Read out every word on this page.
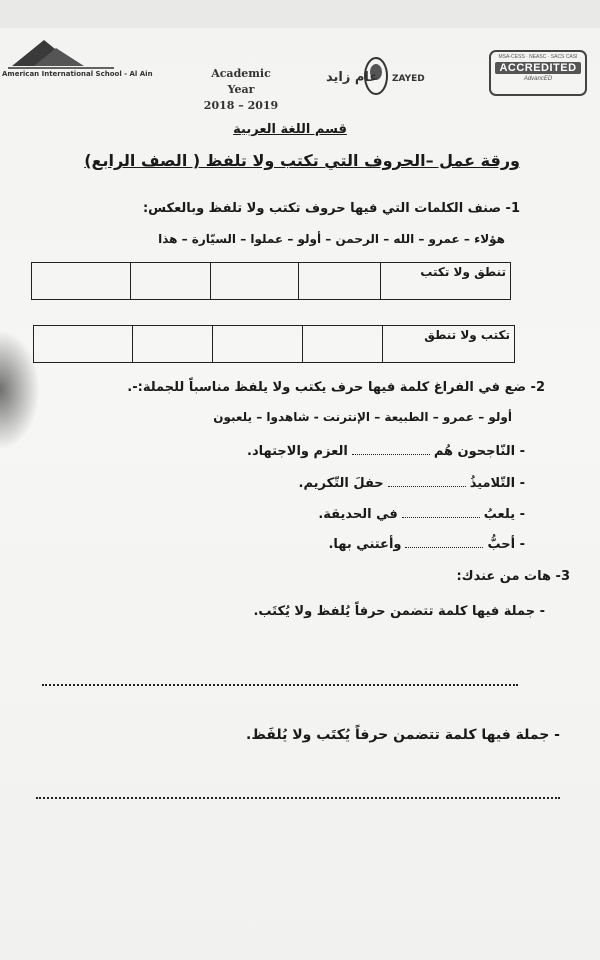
American International School - Al Ain	Academic Year
2018 – 2019
عام زايد ZAYED
MSA-CESS · NEASC · SACS CASI
ACCREDITED
AdvancED
قسم اللغة العربية
ورقة عمل –الحروف التي تكتب ولا تلفظ ( الصف الرابع)
1- صنف الكلمات التي فيها حروف تكتب ولا تلفظ وبالعكس:
هؤلاء – عمرو – الله – الرحمن – أولو – عملوا – السيّارة – هذا
تنطق ولا تكتب
تكتب ولا تنطق
2- ضع في الفراغ كلمة فيها حرف يكتب ولا يلفظ مناسباً للجملة:-.
أولو – عمرو – الطبيعة – الإنترنت - شاهدوا – يلعبون
- النّاجحون هُمالعزم والاجتهاد.
- التّلاميذُحفلَ التّكريم.
- يلعبُفي الحديقة.
- أحبُّوأعتني بها.
3- هات من عندك:
- جملة فيها كلمة تتضمن حرفاً يُلفظ ولا يُكتَب.
- جملة فيها كلمة تتضمن حرفاً يُكتَب ولا يُلفَظ.
